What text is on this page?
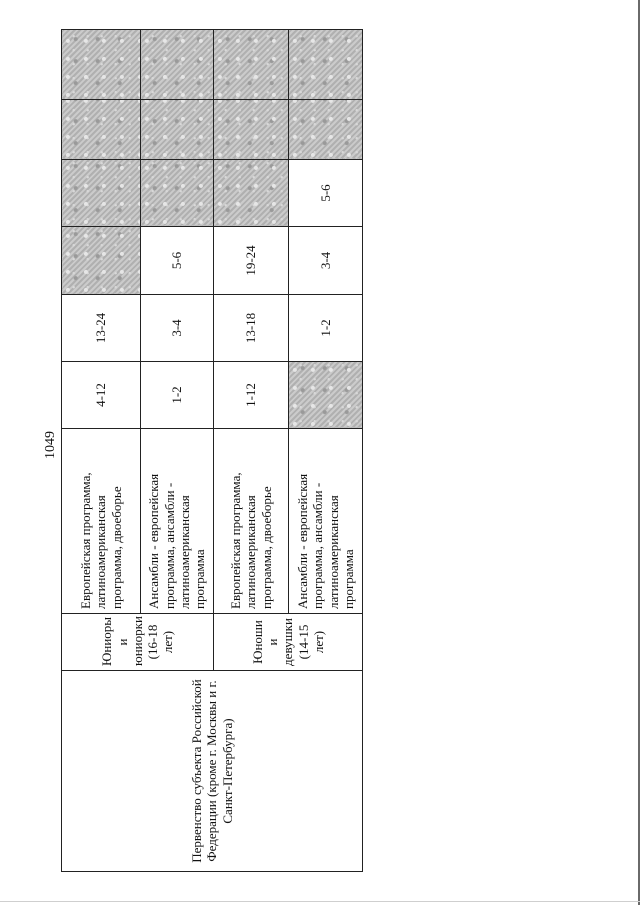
1049
Первенство субъекта Российской Федерации (кроме г. Москвы и г. Санкт-Петербурга)	Юниоры и юниорки (16-18 лет)	Европейская программа, латиноамериканская программа, двоеборье	4-12	13-24				
		Ансамбли - европейская программа, ансамбли - латиноамериканская программа	1-2	3-4	5-6			
	Юноши и девушки (14-15 лет)	Европейская программа, латиноамериканская программа, двоеборье	1-12	13-18	19-24			
		Ансамбли - европейская программа, ансамбли - латиноамериканская программа		1-2	3-4	5-6		
